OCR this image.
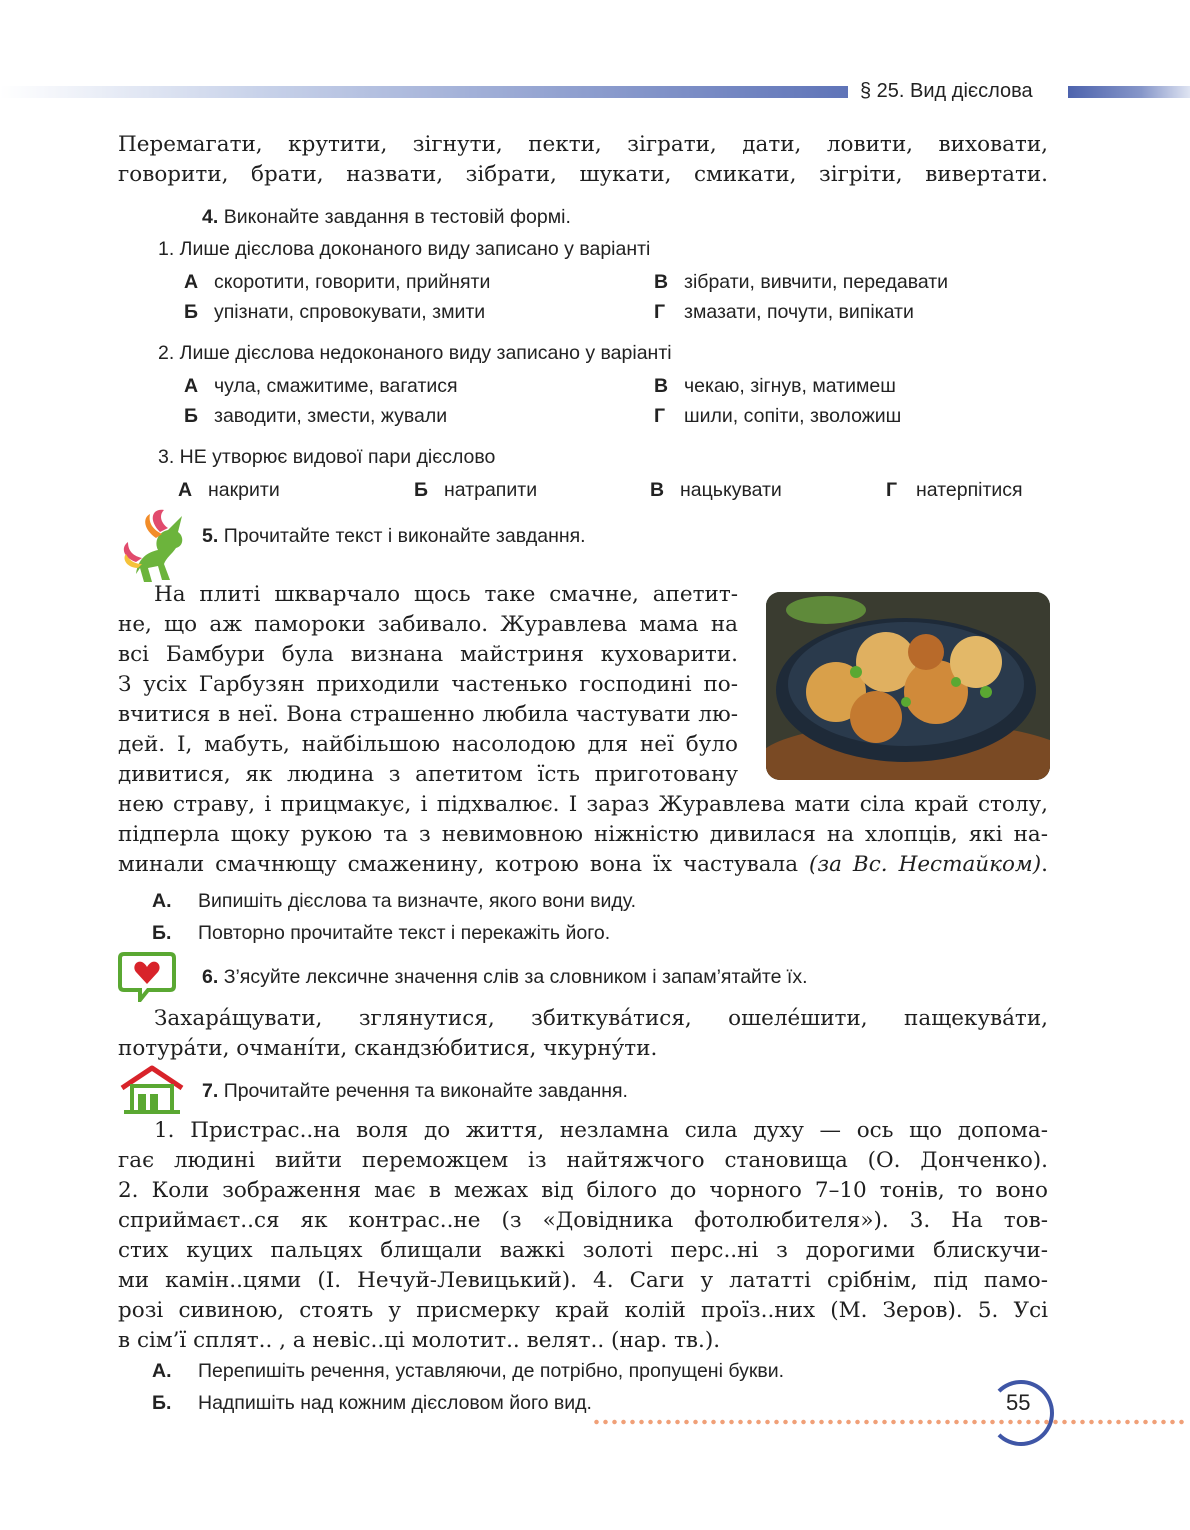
§ 25. Вид дієслова
Перемагати, крутити, зігнути, пекти, зіграти, дати, ловити, виховати,
говорити, брати, назвати, зібрати, шукати, смикати, зігріти, вивертати.
4. Виконайте завдання в тестовій формі.
1. Лише дієслова доконаного виду записано у варіанті
А скоротити, говорити, прийняти	В зібрати, вивчити, передавати
Б упізнати, спровокувати, змити	Г змазати, почути, випікати
2. Лише дієслова недоконаного виду записано у варіанті
А чула, смажитиме, вагатися	В чекаю, зігнув, матимеш
Б заводити, змести, жували	Г шили, сопіти, зволожиш
3. НЕ утворює видової пари дієслово
А накрити	Б натрапити	В нацькувати	Г натерпітися
5. Прочитайте текст і виконайте завдання.
На плиті шкварчало щось таке смачне, апетит-
не, що аж памороки забивало. Журавлева мама на
всі Бамбури була визнана майстриня куховарити.
З усіх Гарбузян приходили частенько господині по-
вчитися в неї. Вона страшенно любила частувати лю-
дей. І, мабуть, найбільшою насолодою для неї було
дивитися, як людина з апетитом їсть приготовану
нею страву, і прицмакує, і підхвалює. І зараз Журавлева мати сіла край столу,
підперла щоку рукою та з невимовною ніжністю дивилася на хлопців, які на-
минали смачнющу смаженину, котрою вона їх частувала (за Вс. Нестайком).
А. Випишіть дієслова та визначте, якого вони виду.
Б. Повторно прочитайте текст і перекажіть його.
6. З’ясуйте лексичне значення слів за словником і запам’ятайте їх.
Захара́щувати, зглянутися, збиткува́тися, ошеле́шити, пащекува́ти,
потура́ти, очмані́ти, скандзю́битися, чкурну́ти.
7. Прочитайте речення та виконайте завдання.
1. Пристрас..на воля до життя, незламна сила духу — ось що допома-
гає людині вийти переможцем із найтяжчого становища (О. Донченко).
2. Коли зображення має в межах від білого до чорного 7–10 тонів, то воно
сприймаєт..ся як контрас..не (з «Довідника фотолюбителя»). 3. На тов-
стих куцих пальцях блищали важкі золоті перс..ні з дорогими блискучи-
ми камін..цями (І. Нечуй-Левицький). 4. Саги у лататті срібнім, під памо-
розі сивиною, стоять у присмерку край колій проїз..них (М. Зеров). 5. Усі
в сім’ї сплят.. , а невіс..ці молотит.. велят.. (нар. тв.).
А. Перепишіть речення, уставляючи, де потрібно, пропущені букви.
Б. Надпишіть над кожним дієсловом його вид.	55
